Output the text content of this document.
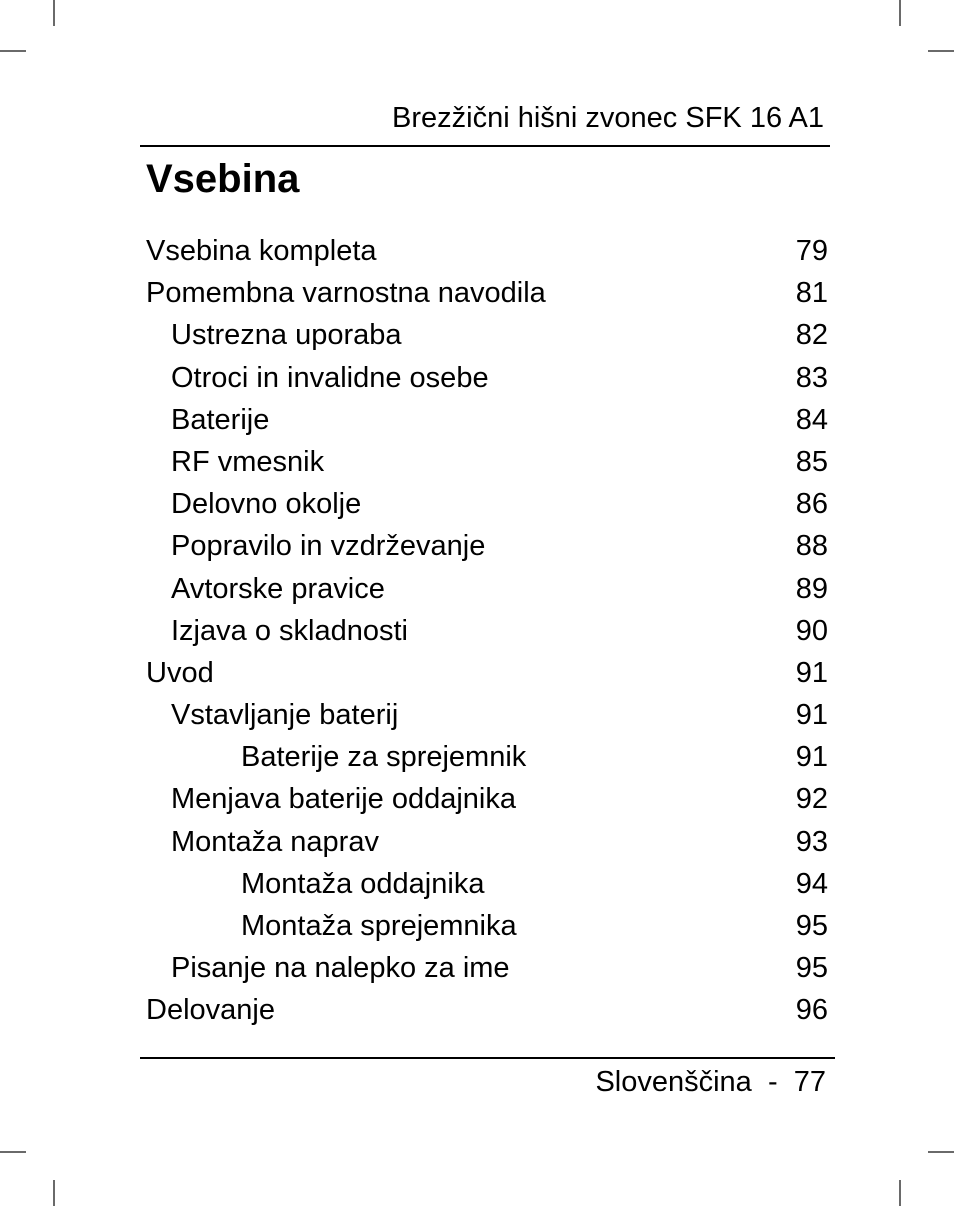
Brezžični hišni zvonec SFK 16 A1
Vsebina
Vsebina kompleta	79
Pomembna varnostna navodila	81
Ustrezna uporaba	82
Otroci in invalidne osebe	83
Baterije	84
RF vmesnik	85
Delovno okolje	86
Popravilo in vzdrževanje	88
Avtorske pravice	89
Izjava o skladnosti	90
Uvod	91
Vstavljanje baterij	91
Baterije za sprejemnik	91
Menjava baterije oddajnika	92
Montaža naprav	93
Montaža oddajnika	94
Montaža sprejemnika	95
Pisanje na nalepko za ime	95
Delovanje	96
Slovenščina - 77
